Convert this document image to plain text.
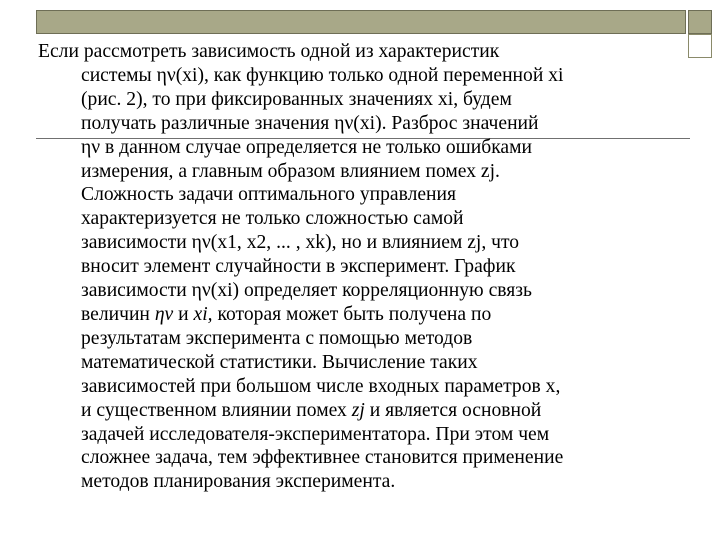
Если рассмотреть зависимость одной из характеристик
системы ην(xi), как функцию только одной переменной xi
(рис. 2), то при фиксированных значениях xi, будем
получать различные значения ην(xi). Разброс значений
ην в данном случае определяется не только ошибками
измерения, а главным образом влиянием помех zj.
Сложность задачи оптимального управления
характеризуется не только сложностью самой
зависимости ην(x1, x2, ... , xk), но и влиянием zj, что
вносит элемент случайности в эксперимент. График
зависимости ην(xi) определяет корреляционную связь
величин ην и xi, которая может быть получена по
результатам эксперимента с помощью методов
математической статистики. Вычисление таких
зависимостей при большом числе входных параметров x,
и существенном влиянии помех zj и является основной
задачей исследователя-экспериментатора. При этом чем
сложнее задача, тем эффективнее становится применение
методов планирования эксперимента.
